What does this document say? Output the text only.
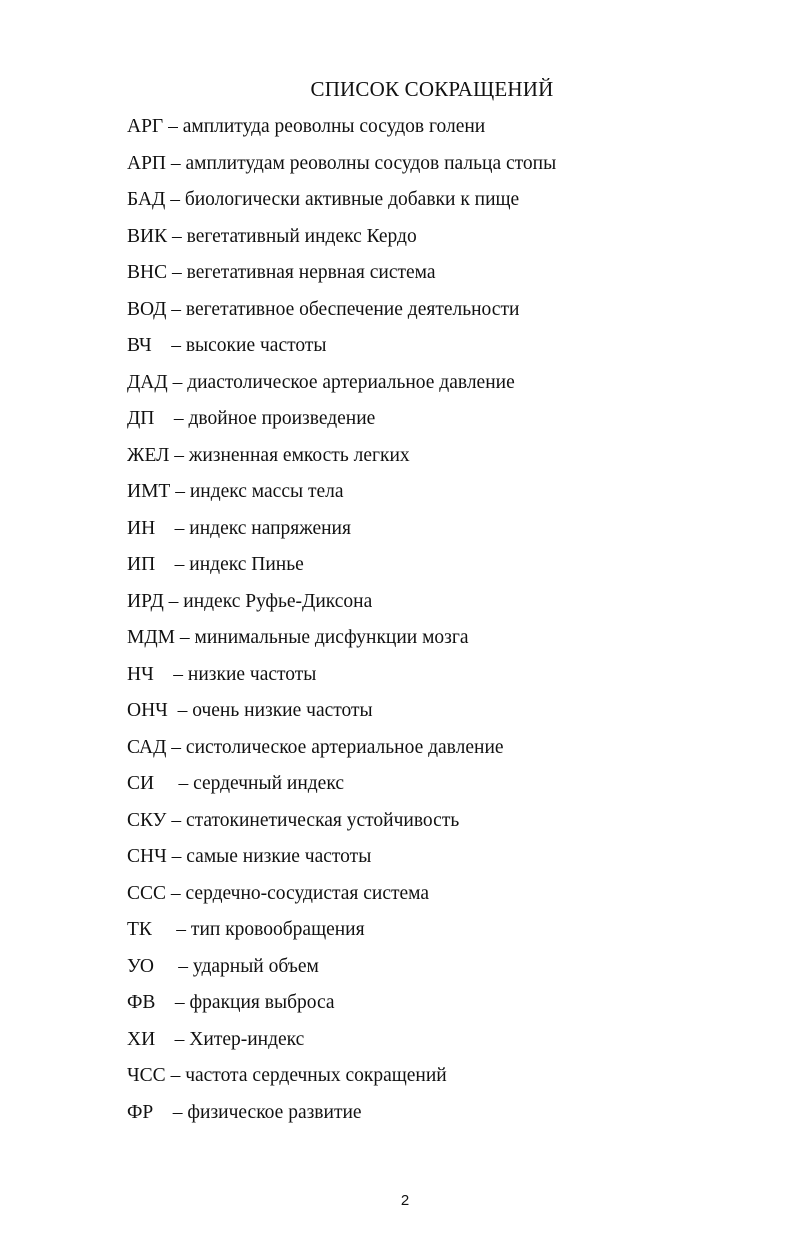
СПИСОК СОКРАЩЕНИЙ
АРГ – амплитуда реоволны сосудов голени
АРП – амплитудам реоволны сосудов пальца стопы
БАД – биологически активные добавки к пище
ВИК – вегетативный индекс Кердо
ВНС – вегетативная нервная система
ВОД – вегетативное обеспечение деятельности
ВЧ    – высокие частоты
ДАД – диастолическое артериальное давление
ДП    – двойное произведение
ЖЕЛ – жизненная емкость легких
ИМТ – индекс массы тела
ИН    – индекс напряжения
ИП    – индекс Пинье
ИРД – индекс Руфье-Диксона
МДМ – минимальные дисфункции мозга
НЧ    – низкие частоты
ОНЧ  – очень низкие частоты
САД – систолическое артериальное давление
СИ     – сердечный индекс
СКУ – статокинетическая устойчивость
СНЧ – самые низкие частоты
ССС – сердечно-сосудистая система
ТК     – тип кровообращения
УО     – ударный объем
ФВ    – фракция выброса
ХИ    – Хитер-индекс
ЧСС – частота сердечных сокращений
ФР    – физическое развитие
2
